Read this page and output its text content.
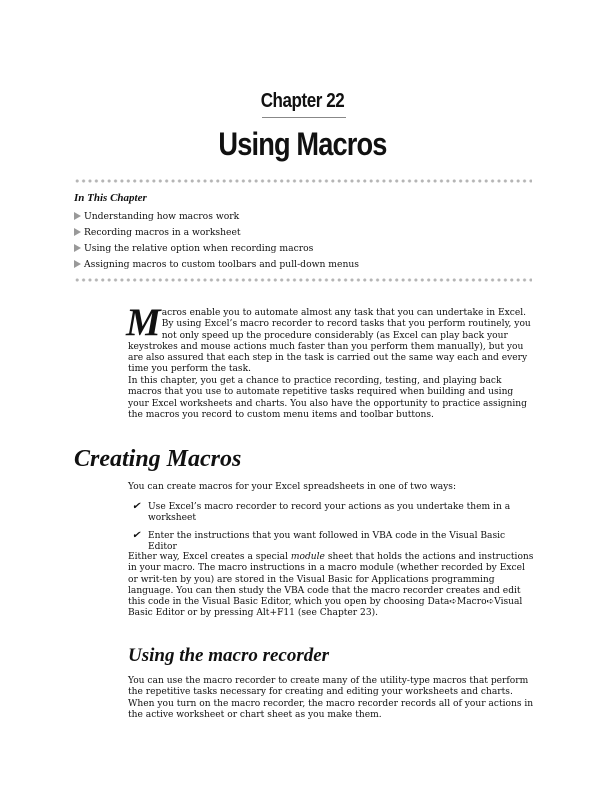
Chapter 22
Using Macros
In This Chapter
Understanding how macros work
Recording macros in a worksheet
Using the relative option when recording macros
Assigning macros to custom toolbars and pull-down menus
Macros enable you to automate almost any task that you can undertake in Excel. By using Excel’s macro recorder to record tasks that you perform routinely, you not only speed up the procedure considerably (as Excel can play back your keystrokes and mouse actions much faster than you perform them manually), but you are also assured that each step in the task is carried out the same way each and every time you perform the task.
In this chapter, you get a chance to practice recording, testing, and playing back macros that you use to automate repetitive tasks required when building and using your Excel worksheets and charts. You also have the opportunity to practice assigning the macros you record to custom menu items and toolbar buttons.
Creating Macros
You can create macros for your Excel spreadsheets in one of two ways:
✔ Use Excel’s macro recorder to record your actions as you undertake them in a worksheet
✔ Enter the instructions that you want followed in VBA code in the Visual Basic Editor
Either way, Excel creates a special module sheet that holds the actions and instructions in your macro. The macro instructions in a macro module (whether recorded by Excel or writ-ten by you) are stored in the Visual Basic for Applications programming language. You can then study the VBA code that the macro recorder creates and edit this code in the Visual Basic Editor, which you open by choosing Data➪Macro➪Visual Basic Editor or by pressing Alt+F11 (see Chapter 23).
Using the macro recorder
You can use the macro recorder to create many of the utility-type macros that perform the repetitive tasks necessary for creating and editing your worksheets and charts. When you turn on the macro recorder, the macro recorder records all of your actions in the active worksheet or chart sheet as you make them.
